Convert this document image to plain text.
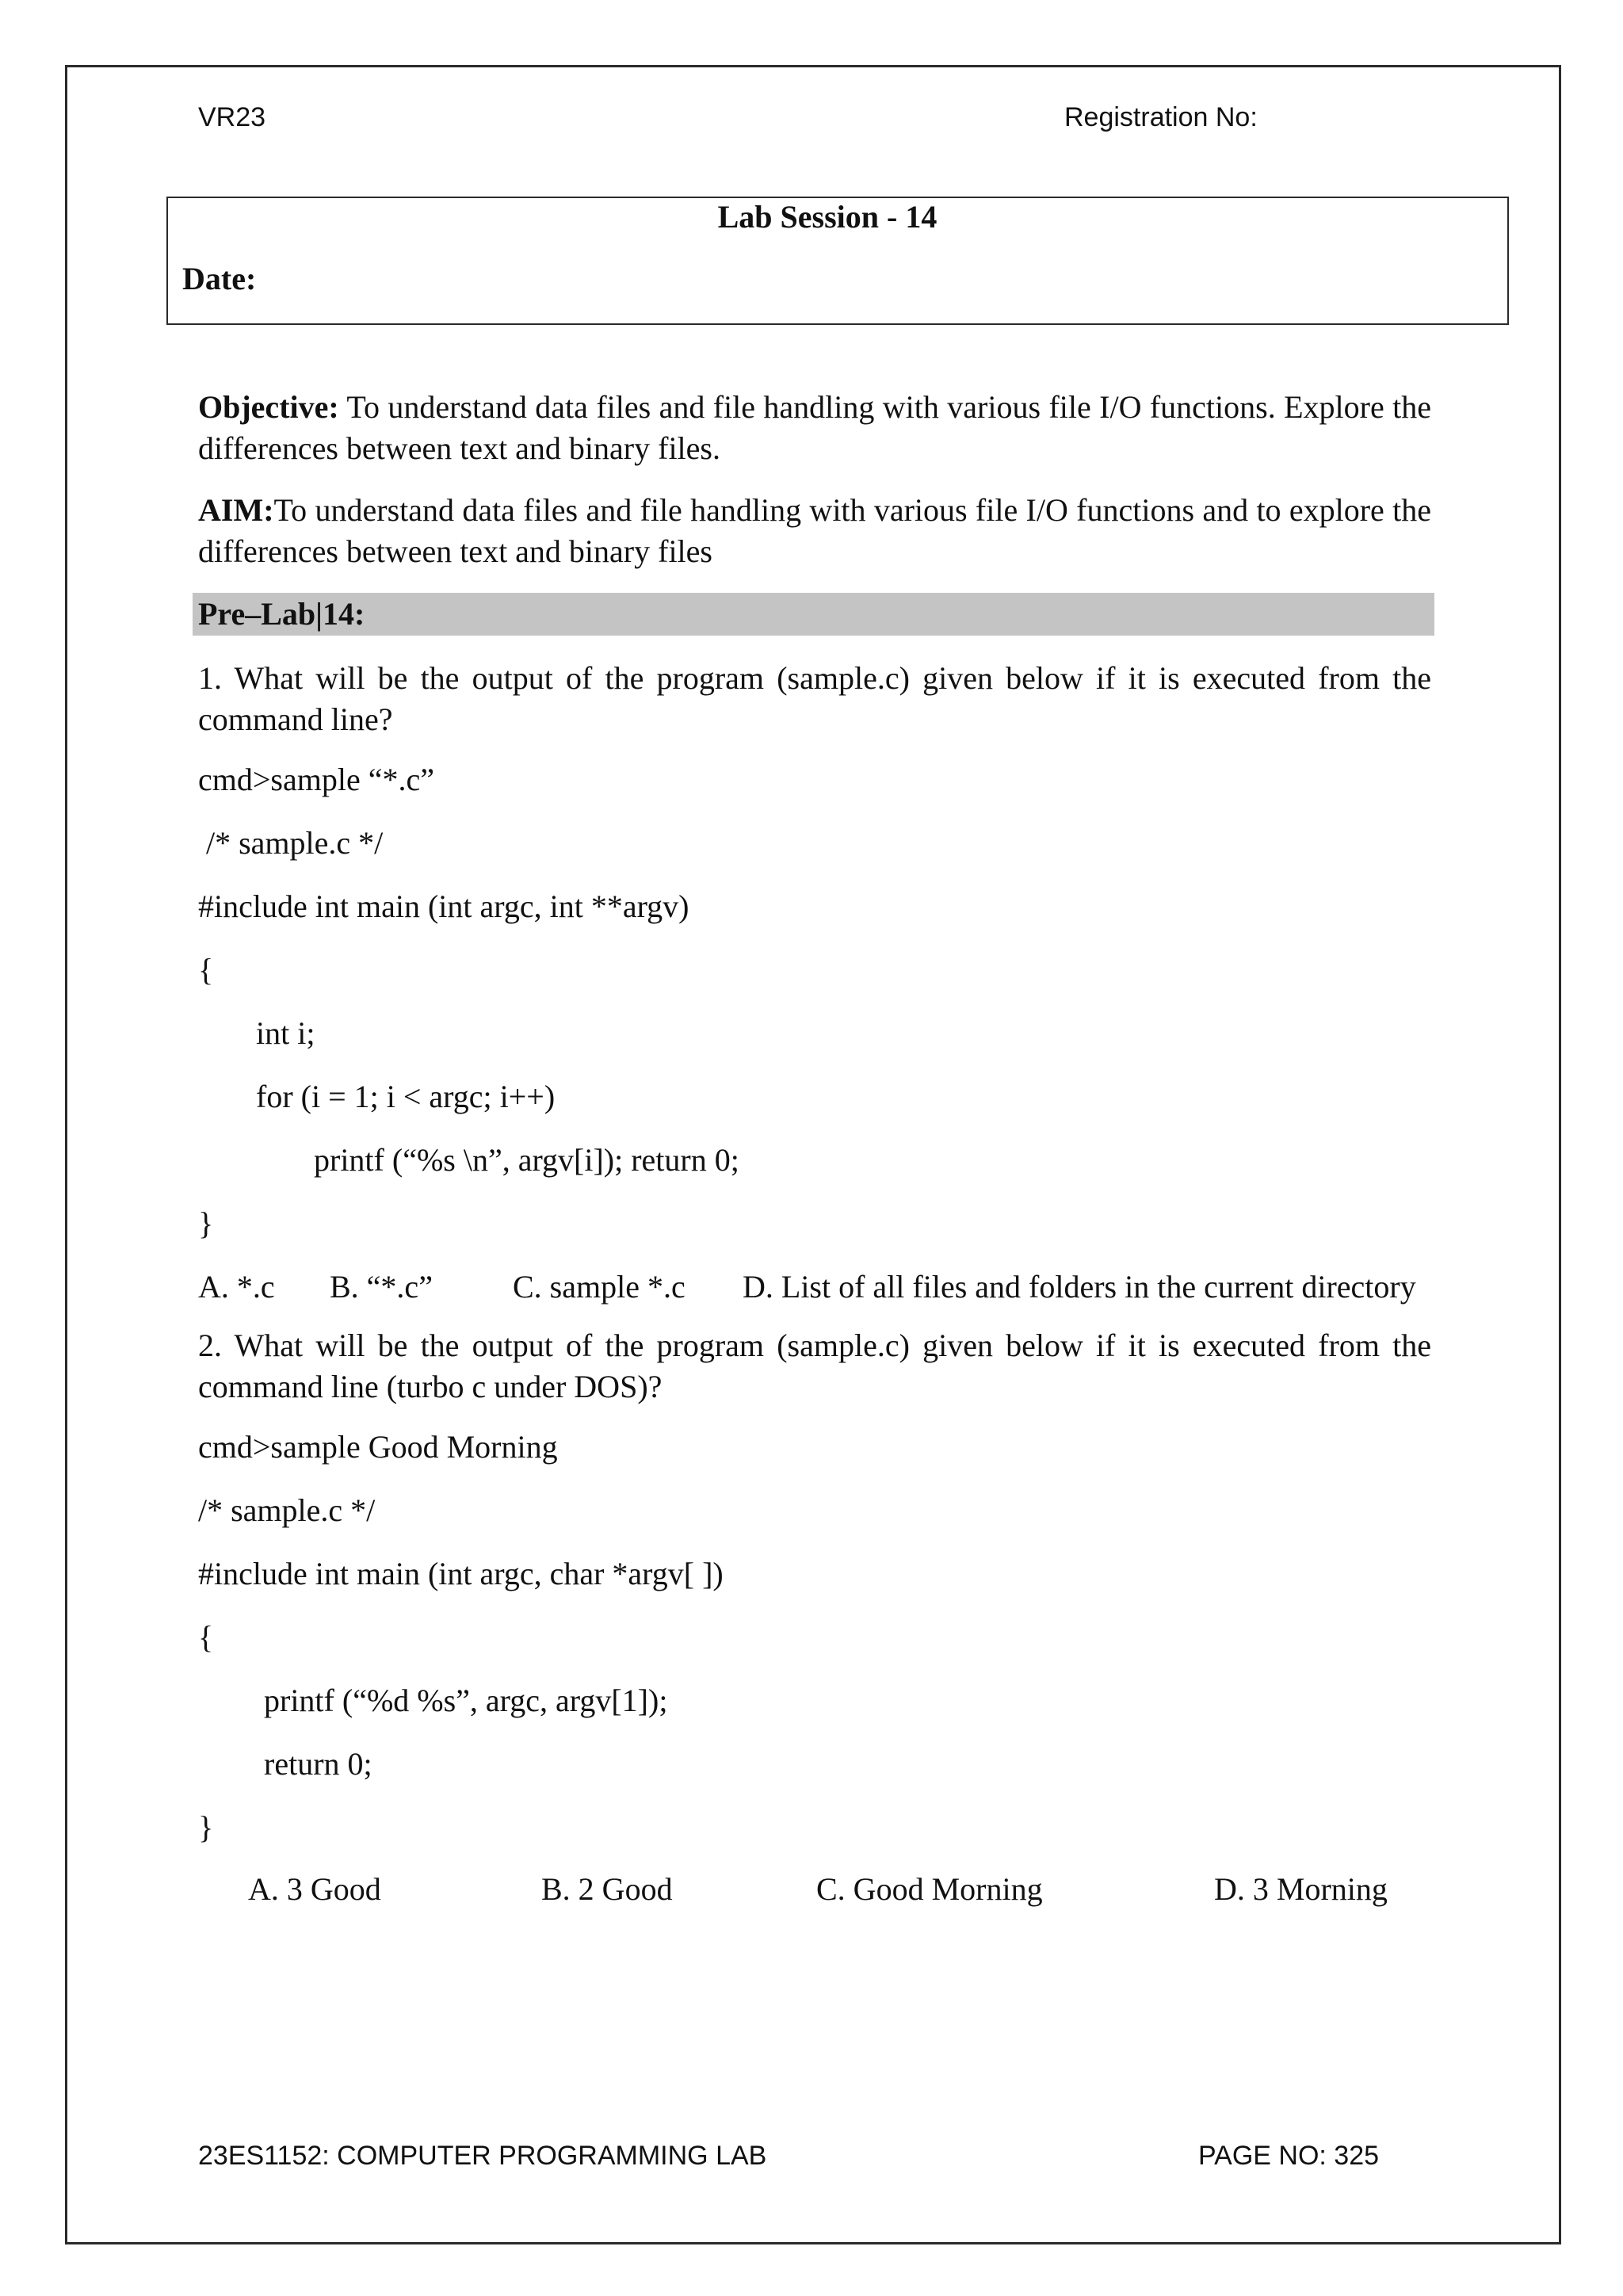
VR23	Registration No:
Lab Session - 14
Date:
Objective: To understand data files and file handling with various file I/O functions. Explore the differences between text and binary files.
AIM:To understand data files and file handling with various file I/O functions and to explore the differences between text and binary files
Pre–Lab|14:
1. What will be the output of the program (sample.c) given below if it is executed from the command line?
cmd>sample “*.c”
/* sample.c */
#include int main (int argc, int **argv)
{
int i;
for (i = 1; i < argc; i++)
printf (“%s \n”, argv[i]); return 0;
}
A. *.c B. “*.c”	C. sample *.c D. List of all files and folders in the current directory
2. What will be the output of the program (sample.c) given below if it is executed from the command line (turbo c under DOS)?
cmd>sample Good Morning
/* sample.c */
#include int main (int argc, char *argv[ ])
{
printf (“%d %s”, argc, argv[1]);
return 0;
}
A. 3 Good	B. 2 Good	C. Good Morning	D. 3 Morning
23ES1152: COMPUTER PROGRAMMING LAB	PAGE NO: 325
